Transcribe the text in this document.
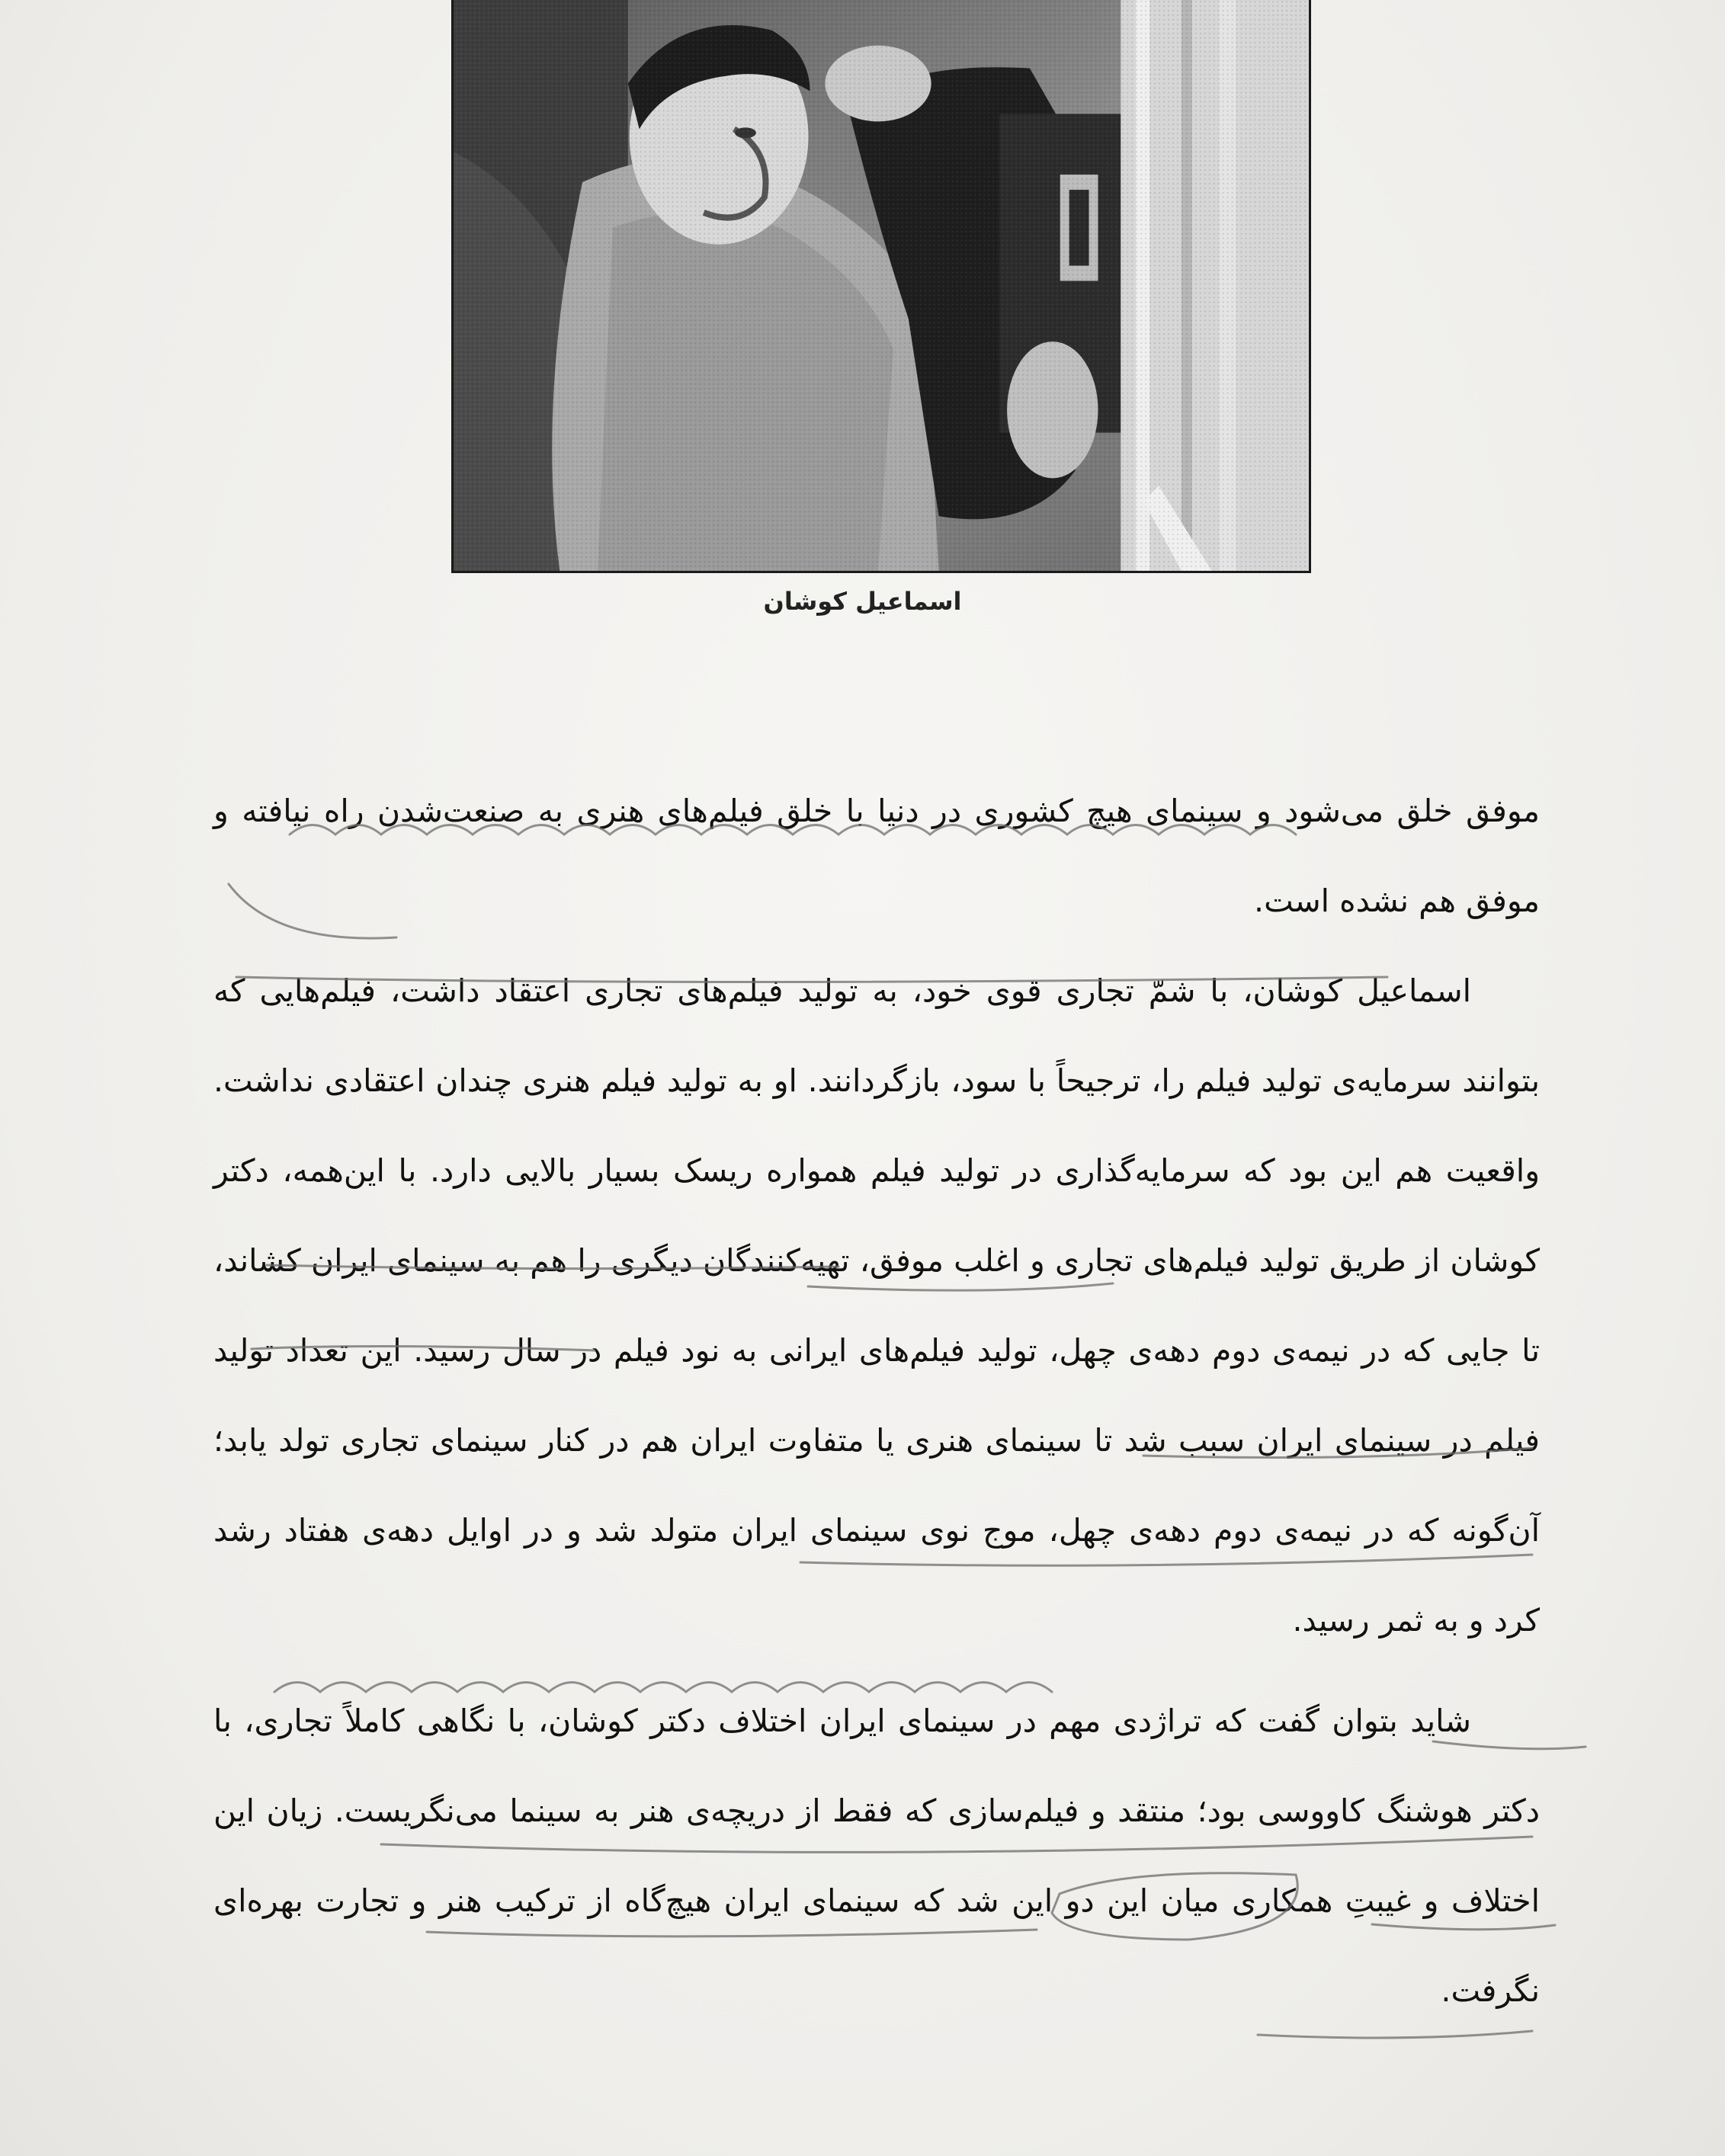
اسماعیل کوشان

موفق خلق می‌شود و سینمای هیچ کشوری در دنیا با خلق فیلم‌های هنری به صنعت‌شدن راه نیافته و موفق هم نشده است.

اسماعیل کوشان، با شمّ تجاری قوی خود، به تولید فیلم‌های تجاری اعتقاد داشت، فیلم‌هایی که بتوانند سرمایه‌ی تولید فیلم را، ترجیحاً با سود، بازگردانند. او به تولید فیلم هنری چندان اعتقادی نداشت. واقعیت هم این بود که سرمایه‌گذاری در تولید فیلم همواره ریسک بسیار بالایی دارد. با این‌همه، دکتر کوشان از طریق تولید فیلم‌های تجاری و اغلب موفق، تهیه‌کنندگان دیگری را هم به سینمای ایران کشاند، تا جایی که در نیمه‌ی دوم دهه‌ی چهل، تولید فیلم‌های ایرانی به نود فیلم در سال رسید. این تعداد تولید فیلم در سینمای ایران سبب شد تا سینمای هنری یا متفاوت ایران هم در کنار سینمای تجاری تولد یابد؛ آن‌گونه که در نیمه‌ی دوم دهه‌ی چهل، موج نوی سینمای ایران متولد شد و در اوایل دهه‌ی هفتاد رشد کرد و به ثمر رسید.

شاید بتوان گفت که تراژدی مهم در سینمای ایران اختلاف دکتر کوشان، با نگاهی کاملاً تجاری، با دکتر هوشنگ کاووسی بود؛ منتقد و فیلم‌سازی که فقط از دریچه‌ی هنر به سینما می‌نگریست. زیان این اختلاف و غیبتِ همکاری میان این دو این شد که سینمای ایران هیچ‌گاه از ترکیب هنر و تجارت بهره‌ای نگرفت.
